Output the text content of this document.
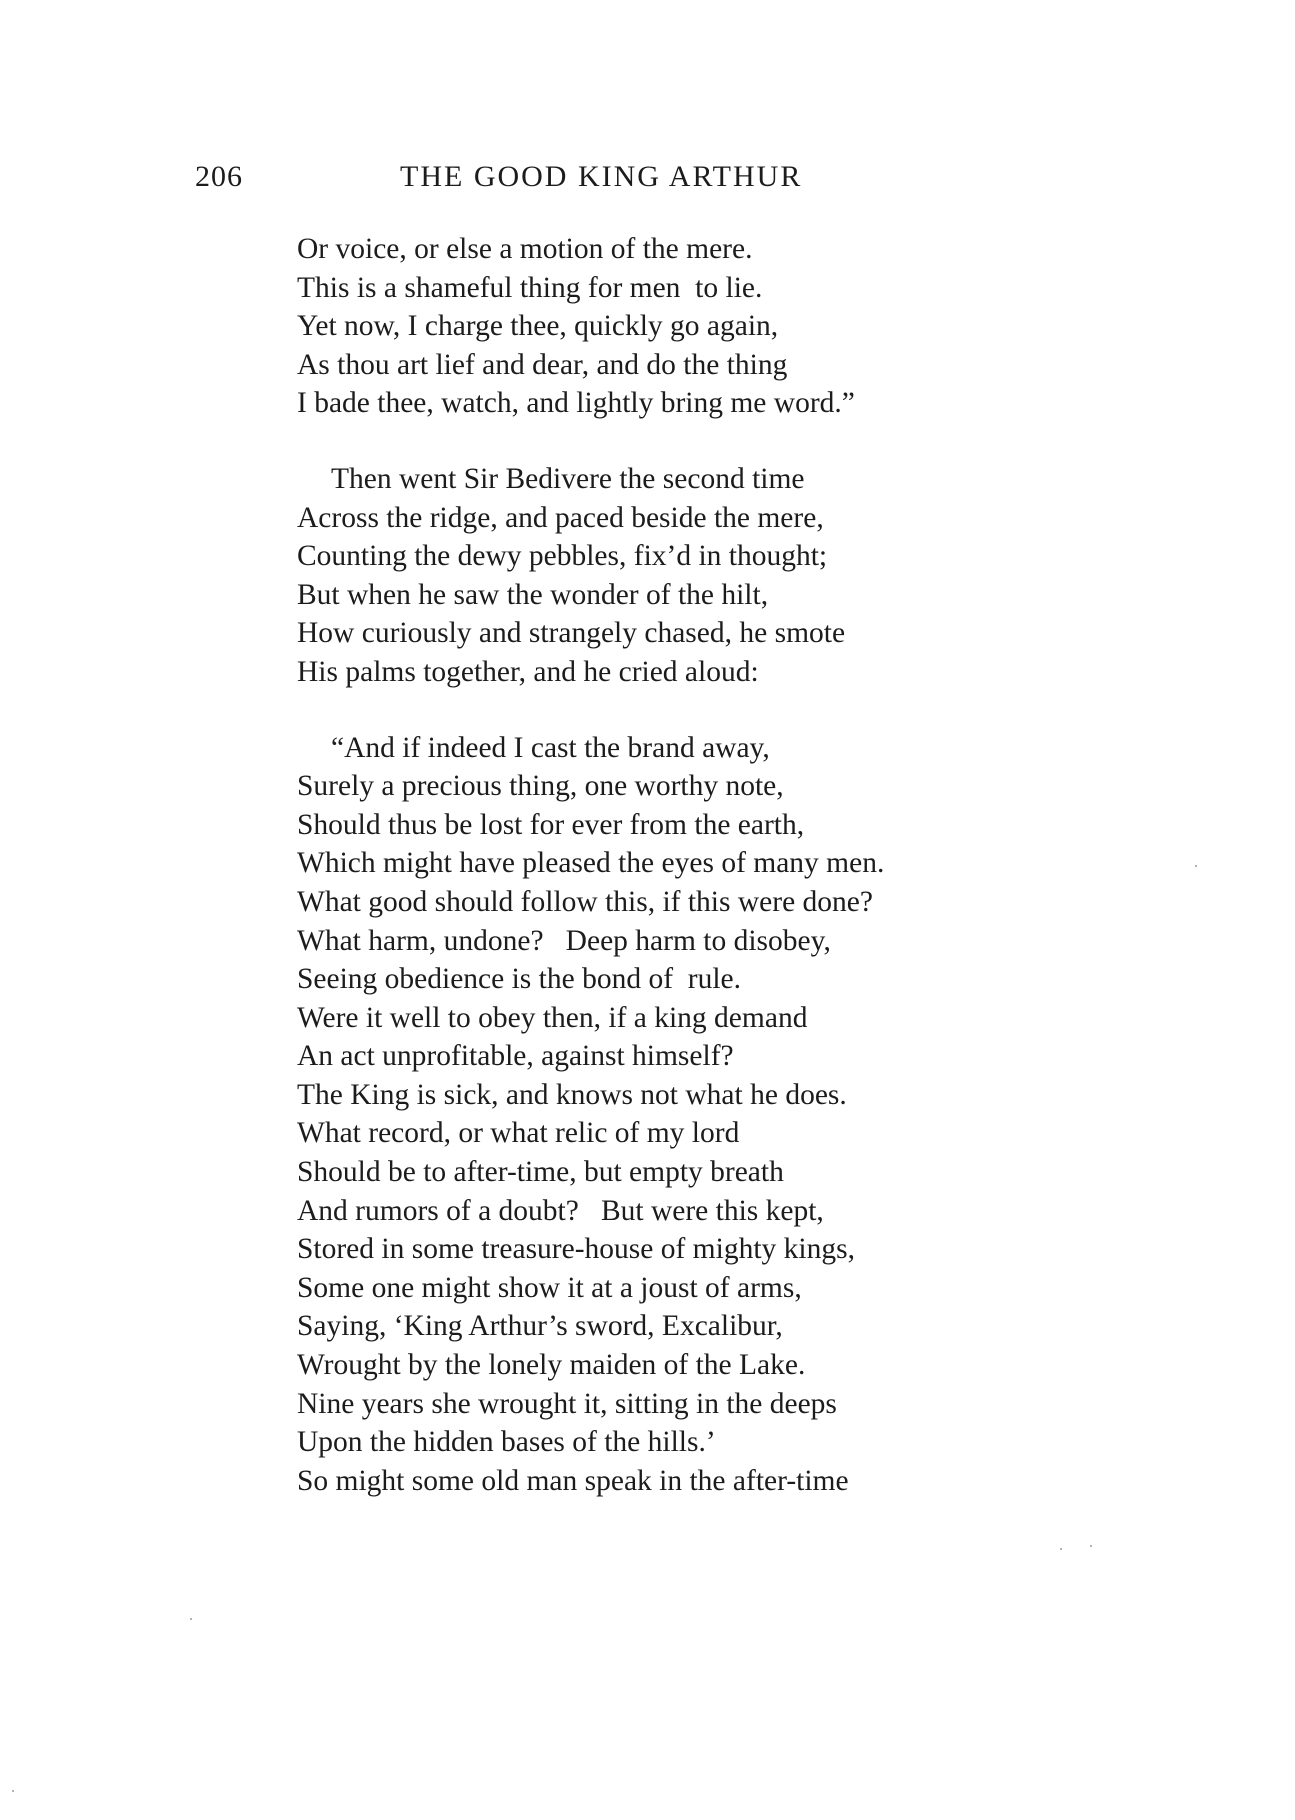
206	THE GOOD KING ARTHUR
Or voice, or else a motion of the mere.
This is a shameful thing for men  to lie.
Yet now, I charge thee, quickly go again,
As thou art lief and dear, and do the thing
I bade thee, watch, and lightly bring me word.”
Then went Sir Bedivere the second time
Across the ridge, and paced beside the mere,
Counting the dewy pebbles, fix’d in thought;
But when he saw the wonder of the hilt,
How curiously and strangely chased, he smote
His palms together, and he cried aloud:
“And if indeed I cast the brand away,
Surely a precious thing, one worthy note,
Should thus be lost for ever from the earth,
Which might have pleased the eyes of many men.
What good should follow this, if this were done?
What harm, undone?   Deep harm to disobey,
Seeing obedience is the bond of  rule.
Were it well to obey then, if a king demand
An act unprofitable, against himself?
The King is sick, and knows not what he does.
What record, or what relic of my lord
Should be to after-time, but empty breath
And rumors of a doubt?   But were this kept,
Stored in some treasure-house of mighty kings,
Some one might show it at a joust of arms,
Saying, ‘King Arthur’s sword, Excalibur,
Wrought by the lonely maiden of the Lake.
Nine years she wrought it, sitting in the deeps
Upon the hidden bases of the hills.’
So might some old man speak in the after-time
